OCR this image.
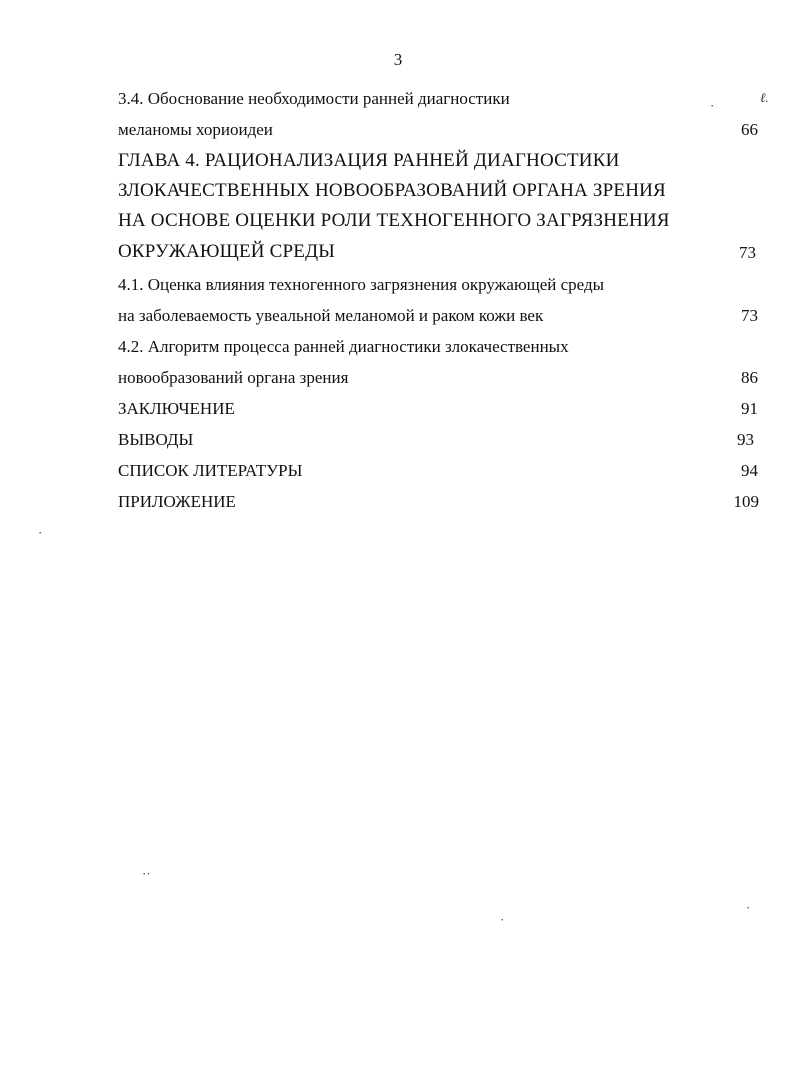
3
3.4. Обоснование необходимости ранней диагностики	ℓ.
меланомы хориоидеи	66
ГЛАВА 4. РАЦИОНАЛИЗАЦИЯ РАННЕЙ ДИАГНОСТИКИ
ЗЛОКАЧЕСТВЕННЫХ НОВООБРАЗОВАНИЙ ОРГАНА ЗРЕНИЯ
НА ОСНОВЕ ОЦЕНКИ РОЛИ ТЕХНОГЕННОГО ЗАГРЯЗНЕНИЯ
ОКРУЖАЮЩЕЙ СРЕДЫ	73
4.1. Оценка влияния техногенного загрязнения окружающей среды
на заболеваемость увеальной меланомой и раком кожи век	73
4.2. Алгоритм процесса ранней диагностики злокачественных
новообразований органа зрения	86
ЗАКЛЮЧЕНИЕ	91
ВЫВОДЫ	93
СПИСОК ЛИТЕРАТУРЫ	94
ПРИЛОЖЕНИЕ	109
·
·
··
·
·
